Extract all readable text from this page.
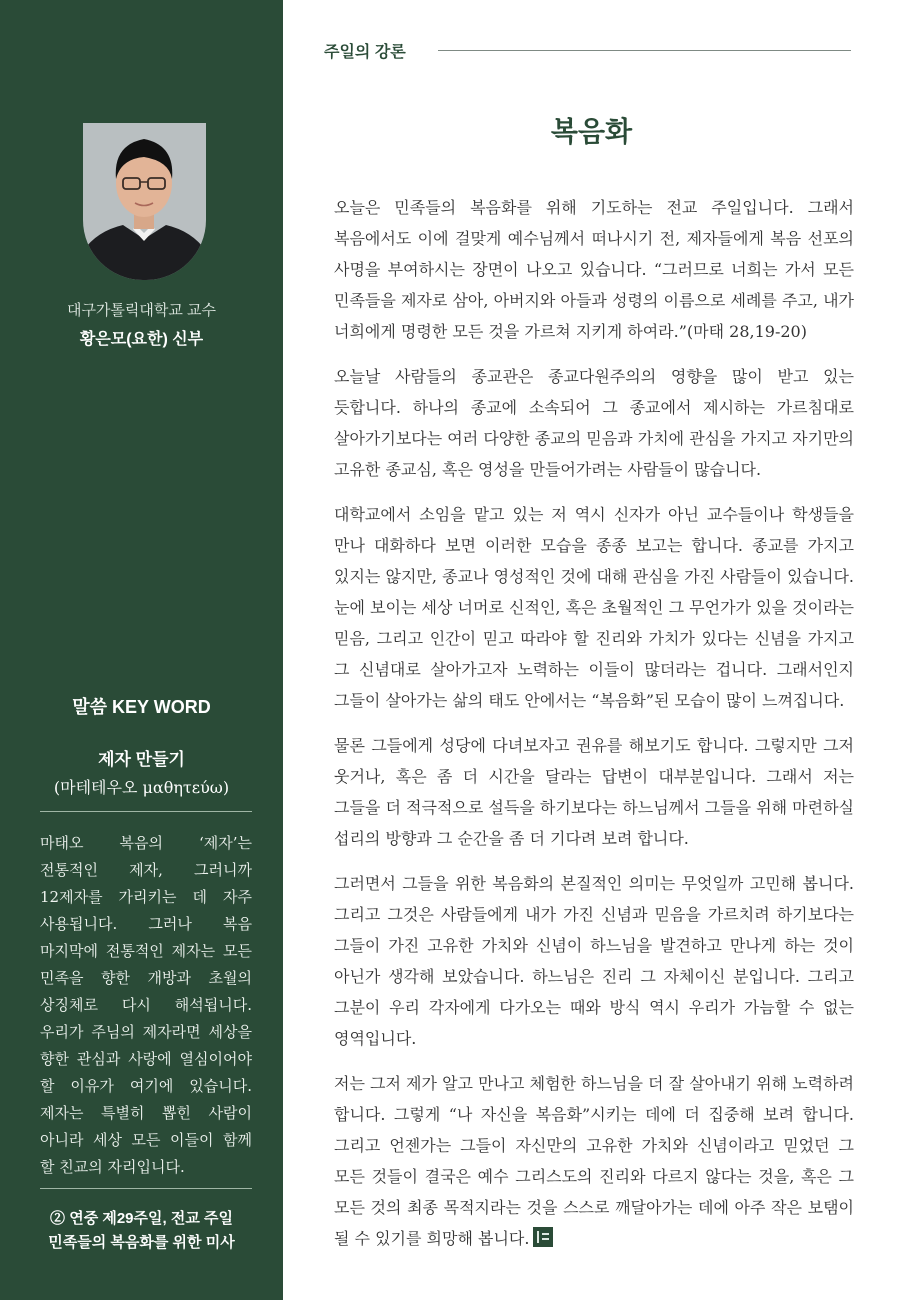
대구가톨릭대학교 교수
황은모(요한) 신부
말씀 KEY WORD
제자 만들기
(마테테우오 μαθητεύω)
마태오 복음의 ‘제자’는 전통적인 제자, 그러니까 12제자를 가리키는 데 자주 사용됩니다. 그러나 복음 마지막에 전통적인 제자는 모든 민족을 향한 개방과 초월의 상징체로 다시 해석됩니다. 우리가 주님의 제자라면 세상을 향한 관심과 사랑에 열심이어야 할 이유가 여기에 있습니다. 제자는 특별히 뽑힌 사람이 아니라 세상 모든 이들이 함께 할 친교의 자리입니다.
② 연중 제29주일, 전교 주일
민족들의 복음화를 위한 미사
주일의 강론
복음화

오늘은 민족들의 복음화를 위해 기도하는 전교 주일입니다. 그래서 복음에서도 이에 걸맞게 예수님께서 떠나시기 전, 제자들에게 복음 선포의 사명을 부여하시는 장면이 나오고 있습니다. “그러므로 너희는 가서 모든 민족들을 제자로 삼아, 아버지와 아들과 성령의 이름으로 세례를 주고, 내가 너희에게 명령한 모든 것을 가르쳐 지키게 하여라.”(마태 28,19-20)

오늘날 사람들의 종교관은 종교다원주의의 영향을 많이 받고 있는 듯합니다. 하나의 종교에 소속되어 그 종교에서 제시하는 가르침대로 살아가기보다는 여러 다양한 종교의 믿음과 가치에 관심을 가지고 자기만의 고유한 종교심, 혹은 영성을 만들어가려는 사람들이 많습니다.

대학교에서 소임을 맡고 있는 저 역시 신자가 아닌 교수들이나 학생들을 만나 대화하다 보면 이러한 모습을 종종 보고는 합니다. 종교를 가지고 있지는 않지만, 종교나 영성적인 것에 대해 관심을 가진 사람들이 있습니다. 눈에 보이는 세상 너머로 신적인, 혹은 초월적인 그 무언가가 있을 것이라는 믿음, 그리고 인간이 믿고 따라야 할 진리와 가치가 있다는 신념을 가지고 그 신념대로 살아가고자 노력하는 이들이 많더라는 겁니다. 그래서인지 그들이 살아가는 삶의 태도 안에서는 “복음화”된 모습이 많이 느껴집니다.

물론 그들에게 성당에 다녀보자고 권유를 해보기도 합니다. 그렇지만 그저 웃거나, 혹은 좀 더 시간을 달라는 답변이 대부분입니다. 그래서 저는 그들을 더 적극적으로 설득을 하기보다는 하느님께서 그들을 위해 마련하실 섭리의 방향과 그 순간을 좀 더 기다려 보려 합니다.

그러면서 그들을 위한 복음화의 본질적인 의미는 무엇일까 고민해 봅니다. 그리고 그것은 사람들에게 내가 가진 신념과 믿음을 가르치려 하기보다는 그들이 가진 고유한 가치와 신념이 하느님을 발견하고 만나게 하는 것이 아닌가 생각해 보았습니다. 하느님은 진리 그 자체이신 분입니다. 그리고 그분이 우리 각자에게 다가오는 때와 방식 역시 우리가 가늠할 수 없는 영역입니다.

저는 그저 제가 알고 만나고 체험한 하느님을 더 잘 살아내기 위해 노력하려 합니다. 그렇게 “나 자신을 복음화”시키는 데에 더 집중해 보려 합니다. 그리고 언젠가는 그들이 자신만의 고유한 가치와 신념이라고 믿었던 그 모든 것들이 결국은 예수 그리스도의 진리와 다르지 않다는 것을, 혹은 그 모든 것의 최종 목적지라는 것을 스스로 깨달아가는 데에 아주 작은 보탬이 될 수 있기를 희망해 봅니다.
